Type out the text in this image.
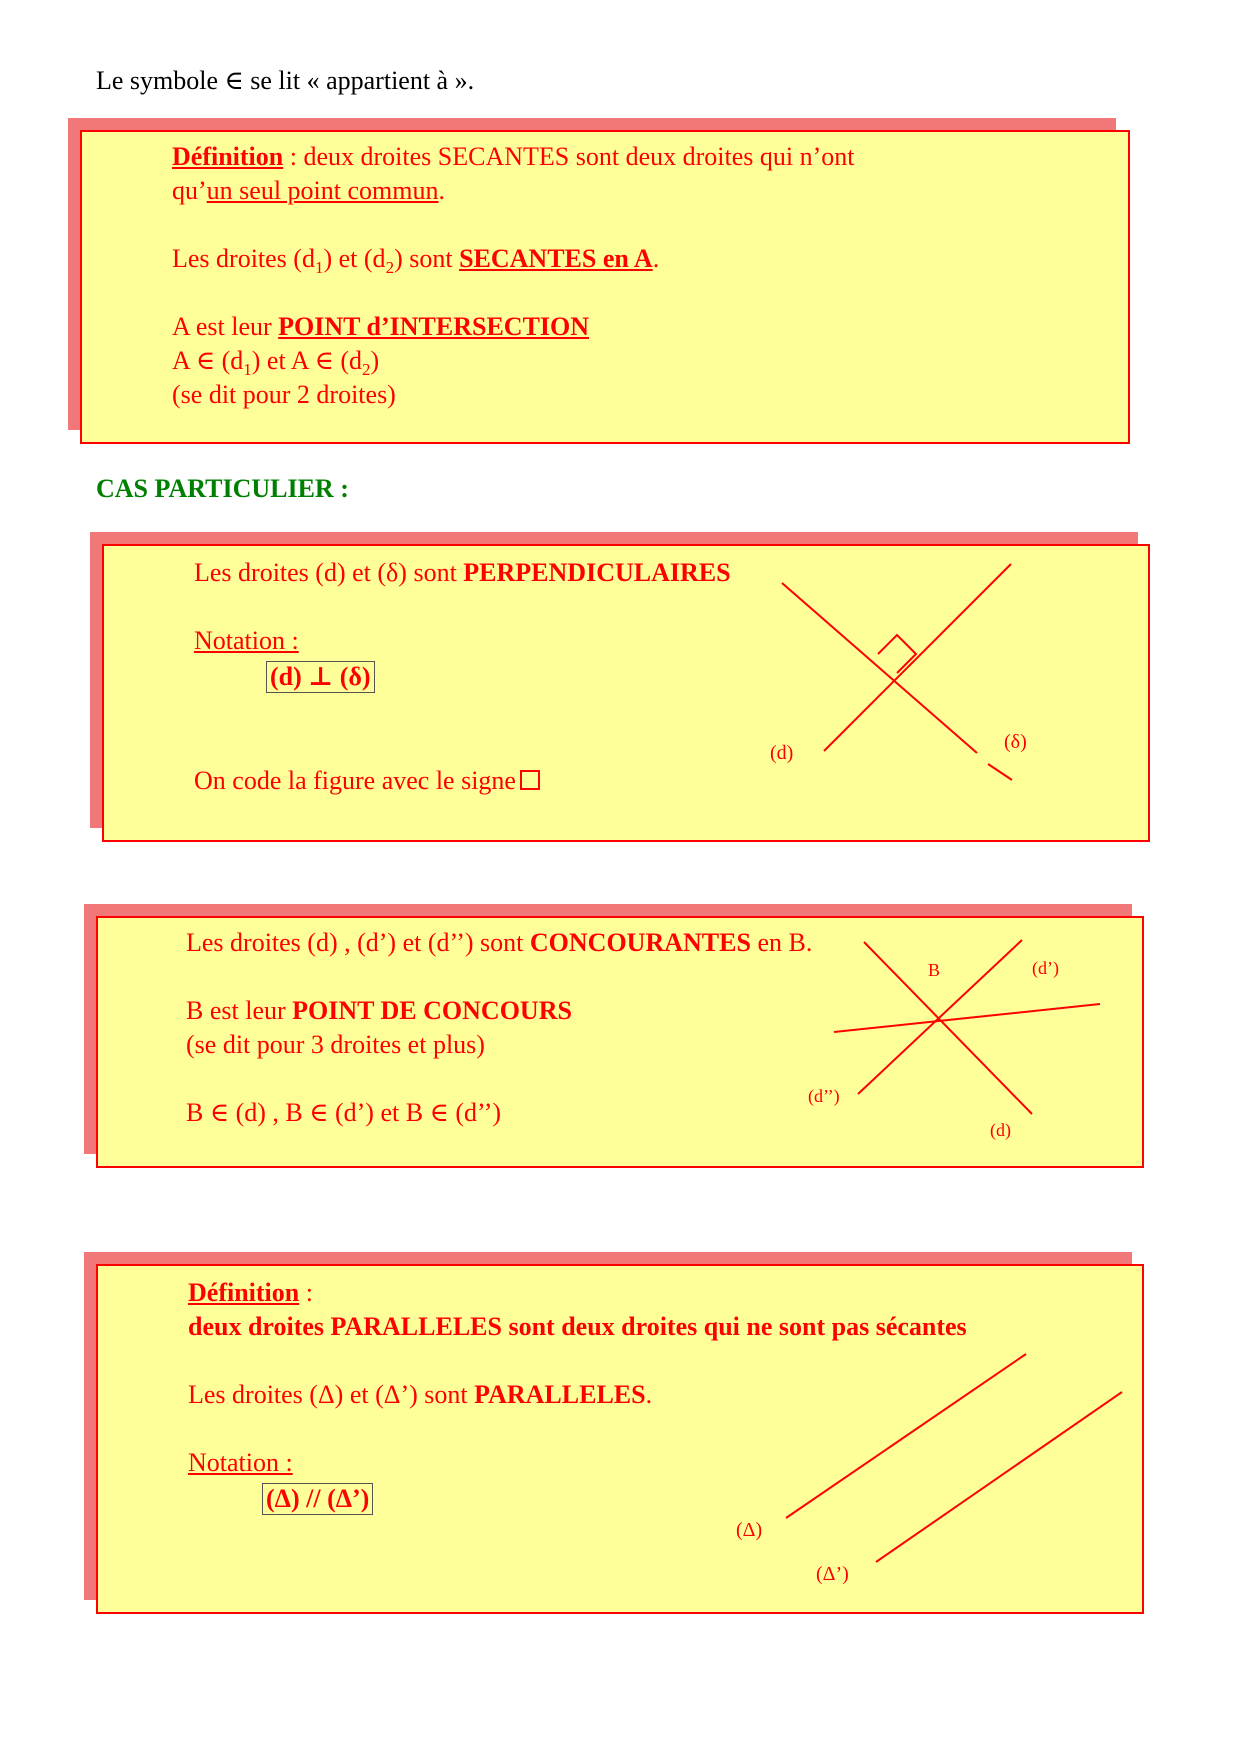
Le symbole ∈ se lit « appartient à ».
Définition : deux droites SECANTES sont deux droites qui n’ont
qu’un seul point commun.
Les droites $(d_1)$ et $(d_2)$ sont SECANTES en A.
A est leur POINT d’INTERSECTION
A ∈ $(d_1)$ et A ∈ $(d_2)$
(se dit pour 2 droites)
CAS PARTICULIER :
Les droites (d) et (δ) sont PERPENDICULAIRES
Notation :
(d) ⊥ (δ)
On code la figure avec le signe
(d)	(δ)
Les droites (d) , (d’) et (d’’) sont CONCOURANTES en B.
B est leur POINT DE CONCOURS
(se dit pour 3 droites et plus)
B ∈ (d) , B ∈ (d’) et B ∈ (d’’)
B	(d’)
(d’’)
(d)
Définition :
deux droites PARALLELES sont deux droites qui ne sont pas sécantes
Les droites (Δ) et (Δ’) sont PARALLELES.
Notation :
(Δ) // (Δ’)
(Δ)
(Δ’)
